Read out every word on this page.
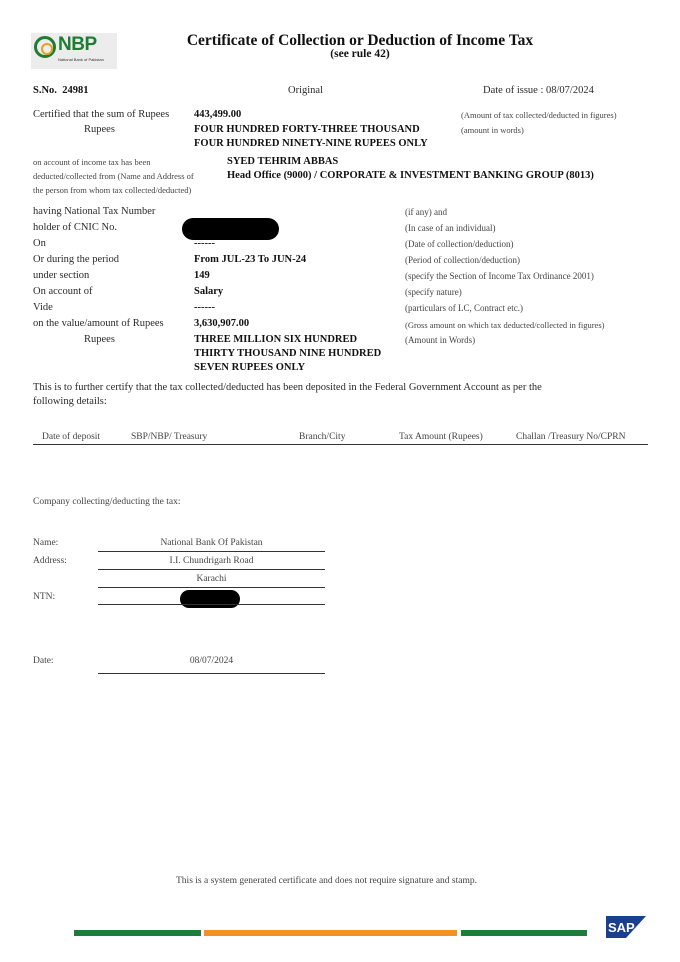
NBP
National Bank of Pakistan
Certificate of Collection or Deduction of Income Tax
(see rule 42)
S.No. 24981	Original	Date of issue : 08/07/2024
Certified that the sum of Rupees 443,499.00	(Amount of tax collected/deducted in figures)
Rupees	FOUR HUNDRED FORTY-THREE THOUSAND
FOUR HUNDRED NINETY-NINE RUPEES ONLY
(amount in words)
on account of income tax has been
deducted/collected from (Name and Address of
the person from whom tax collected/deducted)
SYED TEHRIM ABBAS
Head Office (9000) / CORPORATE & INVESTMENT BANKING GROUP (8013)
having National Tax Number	(if any) and
holder of CNIC No.	(In case of an individual)
On	------	(Date of collection/deduction)
Or during the period	From JUL-23 To JUN-24	(Period of collection/deduction)
under section	149	(specify the Section of Income Tax Ordinance 2001)
On account of	Salary	(specify nature)
Vide	------	(particulars of LC, Contract etc.)
on the value/amount of Rupees	3,630,907.00	(Gross amount on which tax deducted/collected in figures)
Rupees	THREE MILLION SIX HUNDRED
THIRTY THOUSAND NINE HUNDRED
SEVEN RUPEES ONLY
(Amount in Words)
This is to further certify that the tax collected/deducted has been deposited in the Federal Government Account as per the
following details:
Date of deposit	SBP/NBP/ Treasury	Branch/City	Tax Amount (Rupees)	Challan /Treasury No/CPRN
Company collecting/deducting the tax:
Name:	National Bank Of Pakistan
Address:	I.I. Chundrigarh Road
Karachi
NTN:
Date:	08/07/2024
This is a system generated certificate and does not require signature and stamp.
SAP
